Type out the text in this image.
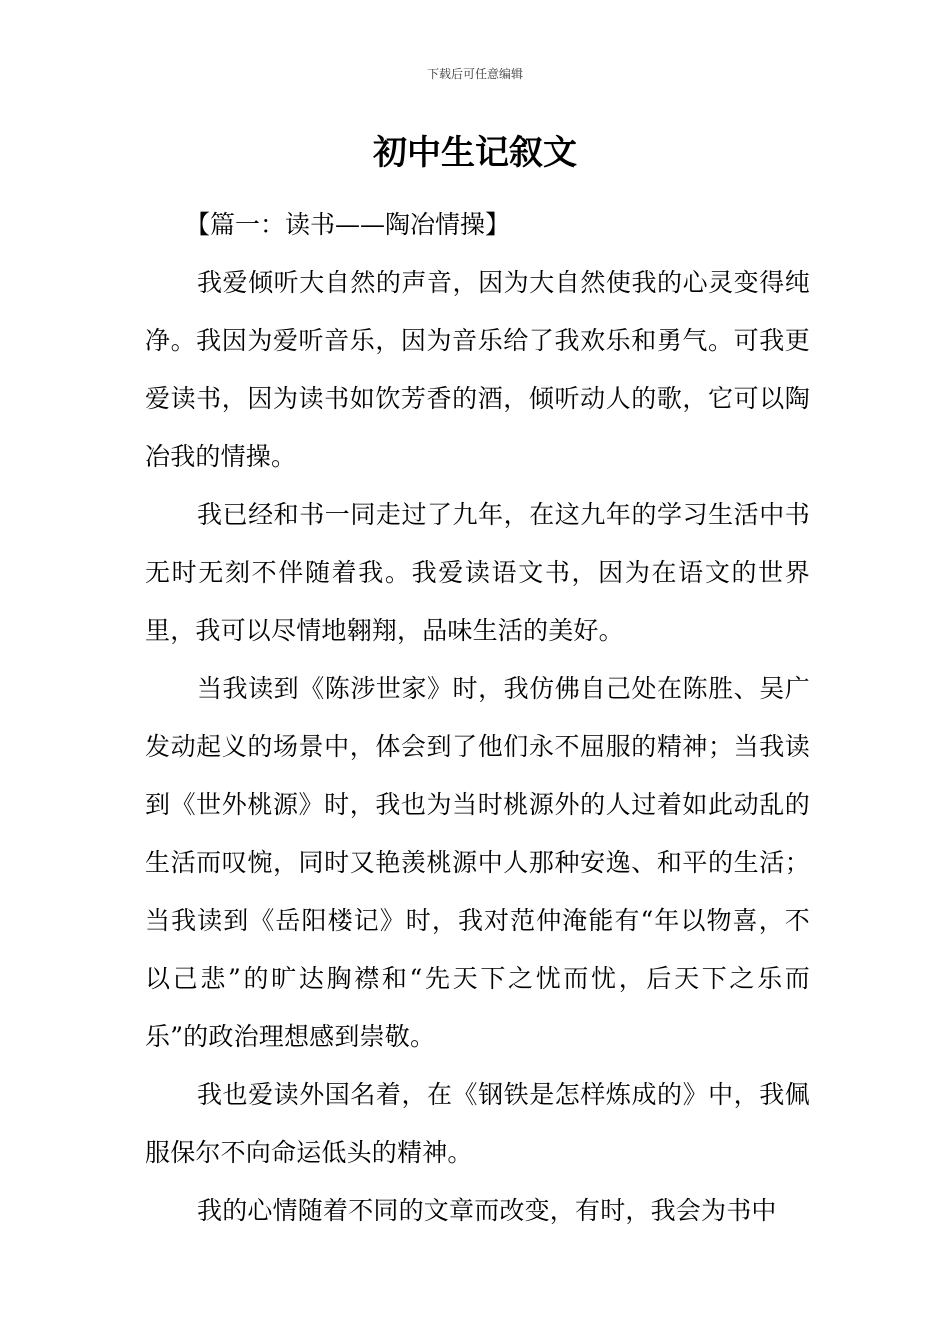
下载后可任意编辑
初中生记叙文

【篇一：读书——陶冶情操】

我爱倾听大自然的声音，因为大自然使我的心灵变得纯净。我因为爱听音乐，因为音乐给了我欢乐和勇气。可我更爱读书，因为读书如饮芳香的酒，倾听动人的歌，它可以陶冶我的情操。

我已经和书一同走过了九年，在这九年的学习生活中书无时无刻不伴随着我。我爱读语文书，因为在语文的世界里，我可以尽情地翱翔，品味生活的美好。

当我读到《陈涉世家》时，我仿佛自己处在陈胜、吴广发动起义的场景中，体会到了他们永不屈服的精神；当我读到《世外桃源》时，我也为当时桃源外的人过着如此动乱的生活而叹惋，同时又艳羡桃源中人那种安逸、和平的生活；当我读到《岳阳楼记》时，我对范仲淹能有“年以物喜，不以己悲”的旷达胸襟和“先天下之忧而忧，后天下之乐而乐”的政治理想感到崇敬。

我也爱读外国名着，在《钢铁是怎样炼成的》中，我佩服保尔不向命运低头的精神。

我的心情随着不同的文章而改变，有时，我会为书中
